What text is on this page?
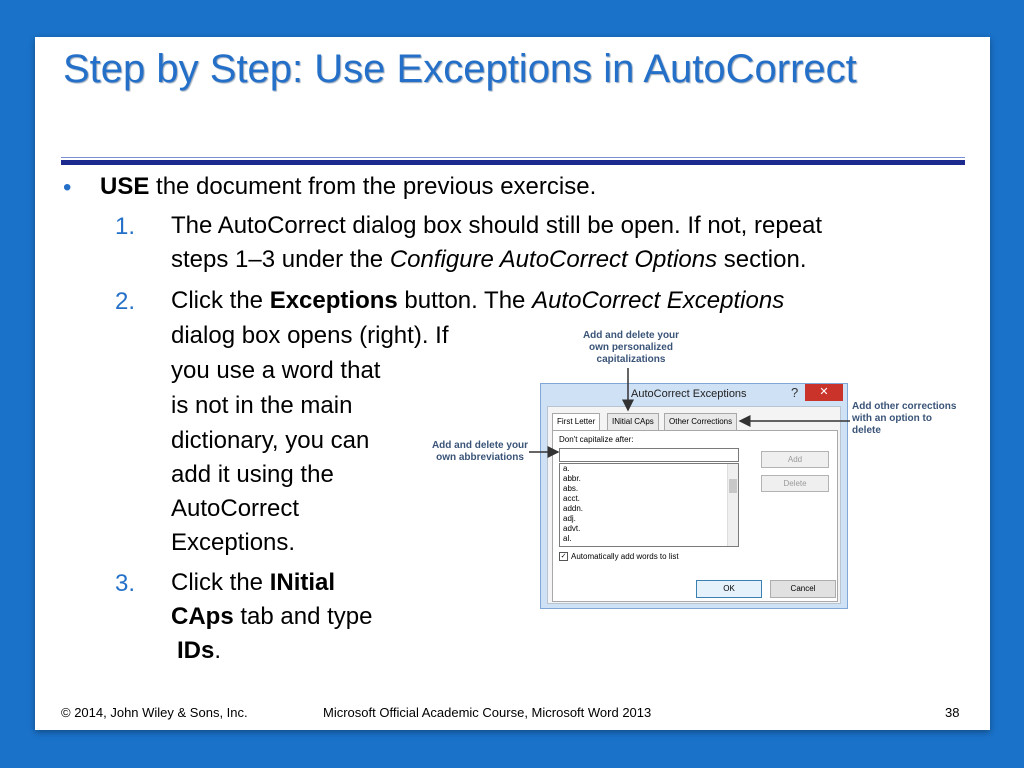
Step by Step: Use Exceptions in AutoCorrect
• USE the document from the previous exercise.
1. The AutoCorrect dialog box should still be open. If not, repeat
steps 1–3 under the Configure AutoCorrect Options section.
2. Click the Exceptions button. The AutoCorrect Exceptions
dialog box opens (right). If
you use a word that
is not in the main
dictionary, you can
add it using the
AutoCorrect
Exceptions.
3. Click the INitial
CAps tab and type
IDs.
Add and delete your
own personalized
capitalizations
Add other corrections
with an option to
delete
Add and delete your
own abbreviations
AutoCorrect Exceptions	?	✕
First Letter	INitial CAps	Other Corrections
Don't capitalize after:
a.
abbr.
abs.
acct.
addn.
adj.
advt.
al.
Add
Delete
✓ Automatically add words to list
OK	Cancel
© 2014, John Wiley & Sons, Inc.	Microsoft Official Academic Course, Microsoft Word 2013	38
